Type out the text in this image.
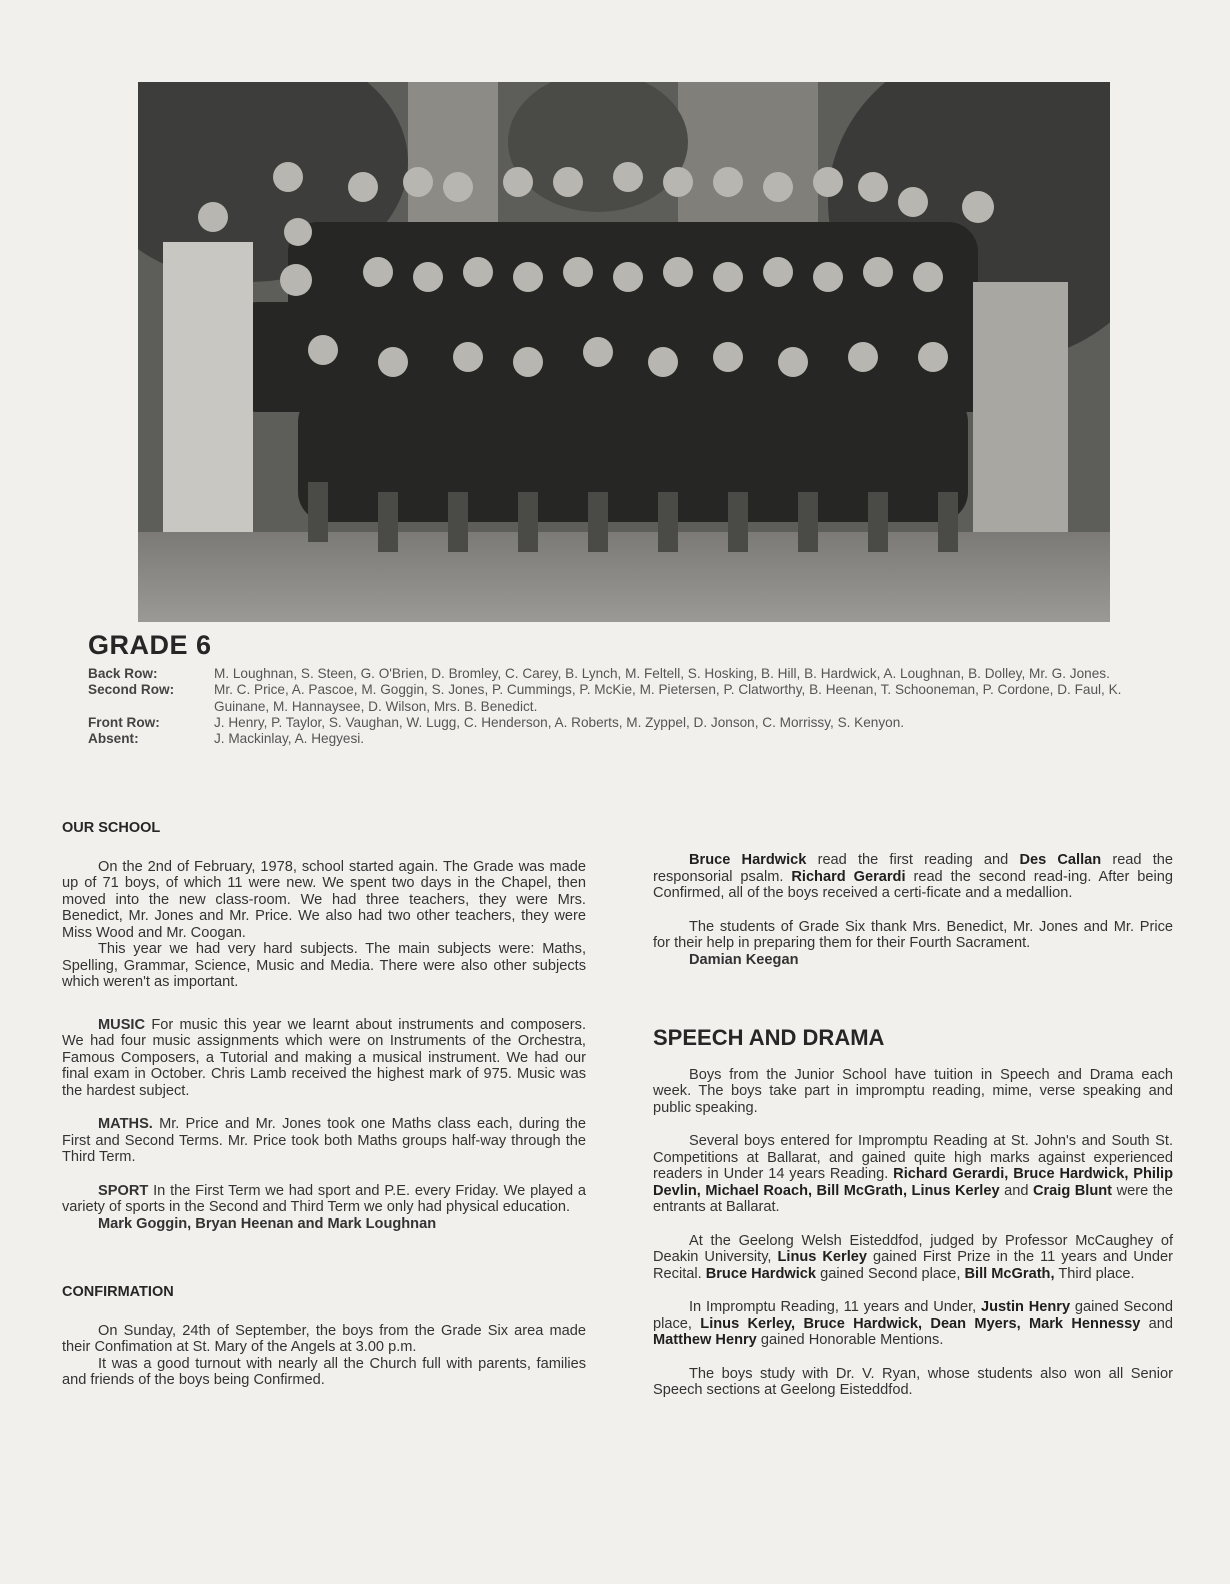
GRADE 6
Back Row:	M. Loughnan, S. Steen, G. O'Brien, D. Bromley, C. Carey, B. Lynch, M. Feltell, S. Hosking, B. Hill, B. Hardwick, A. Loughnan, B. Dolley, Mr. G. Jones.
Second Row:	Mr. C. Price, A. Pascoe, M. Goggin, S. Jones, P. Cummings, P. McKie, M. Pietersen, P. Clatworthy, B. Heenan, T. Schooneman, P. Cordone, D. Faul, K. Guinane, M. Hannaysee, D. Wilson, Mrs. B. Benedict.
Front Row:	J. Henry, P. Taylor, S. Vaughan, W. Lugg, C. Henderson, A. Roberts, M. Zyppel, D. Jonson, C. Morrissy, S. Kenyon.
Absent:	J. Mackinlay, A. Hegyesi.
OUR SCHOOL

On the 2nd of February, 1978, school started again. The Grade was made up of 71 boys, of which 11 were new. We spent two days in the Chapel, then moved into the new class-room. We had three teachers, they were Mrs. Benedict, Mr. Jones and Mr. Price. We also had two other teachers, they were Miss Wood and Mr. Coogan.

This year we had very hard subjects. The main subjects were: Maths, Spelling, Grammar, Science, Music and Media. There were also other subjects which weren't as important.

MUSIC For music this year we learnt about instruments and composers. We had four music assignments which were on Instruments of the Orchestra, Famous Composers, a Tutorial and making a musical instrument. We had our final exam in October. Chris Lamb received the highest mark of 975. Music was the hardest subject.

MATHS. Mr. Price and Mr. Jones took one Maths class each, during the First and Second Terms. Mr. Price took both Maths groups half-way through the Third Term.

SPORT In the First Term we had sport and P.E. every Friday. We played a variety of sports in the Second and Third Term we only had physical education.

Mark Goggin, Bryan Heenan and Mark Loughnan

CONFIRMATION

On Sunday, 24th of September, the boys from the Grade Six area made their Confimation at St. Mary of the Angels at 3.00 p.m.

It was a good turnout with nearly all the Church full with parents, families and friends of the boys being Confirmed.

Bruce Hardwick read the first reading and Des Callan read the responsorial psalm. Richard Gerardi read the second read-ing. After being Confirmed, all of the boys received a certi-ficate and a medallion.

The students of Grade Six thank Mrs. Benedict, Mr. Jones and Mr. Price for their help in preparing them for their Fourth Sacrament.

Damian Keegan

SPEECH AND DRAMA

Boys from the Junior School have tuition in Speech and Drama each week. The boys take part in impromptu reading, mime, verse speaking and public speaking.

Several boys entered for Impromptu Reading at St. John's and South St. Competitions at Ballarat, and gained quite high marks against experienced readers in Under 14 years Reading. Richard Gerardi, Bruce Hardwick, Philip Devlin, Michael Roach, Bill McGrath, Linus Kerley and Craig Blunt were the entrants at Ballarat.

At the Geelong Welsh Eisteddfod, judged by Professor McCaughey of Deakin University, Linus Kerley gained First Prize in the 11 years and Under Recital. Bruce Hardwick gained Second place, Bill McGrath, Third place.

In Impromptu Reading, 11 years and Under, Justin Henry gained Second place, Linus Kerley, Bruce Hardwick, Dean Myers, Mark Hennessy and Matthew Henry gained Honorable Mentions.

The boys study with Dr. V. Ryan, whose students also won all Senior Speech sections at Geelong Eisteddfod.
